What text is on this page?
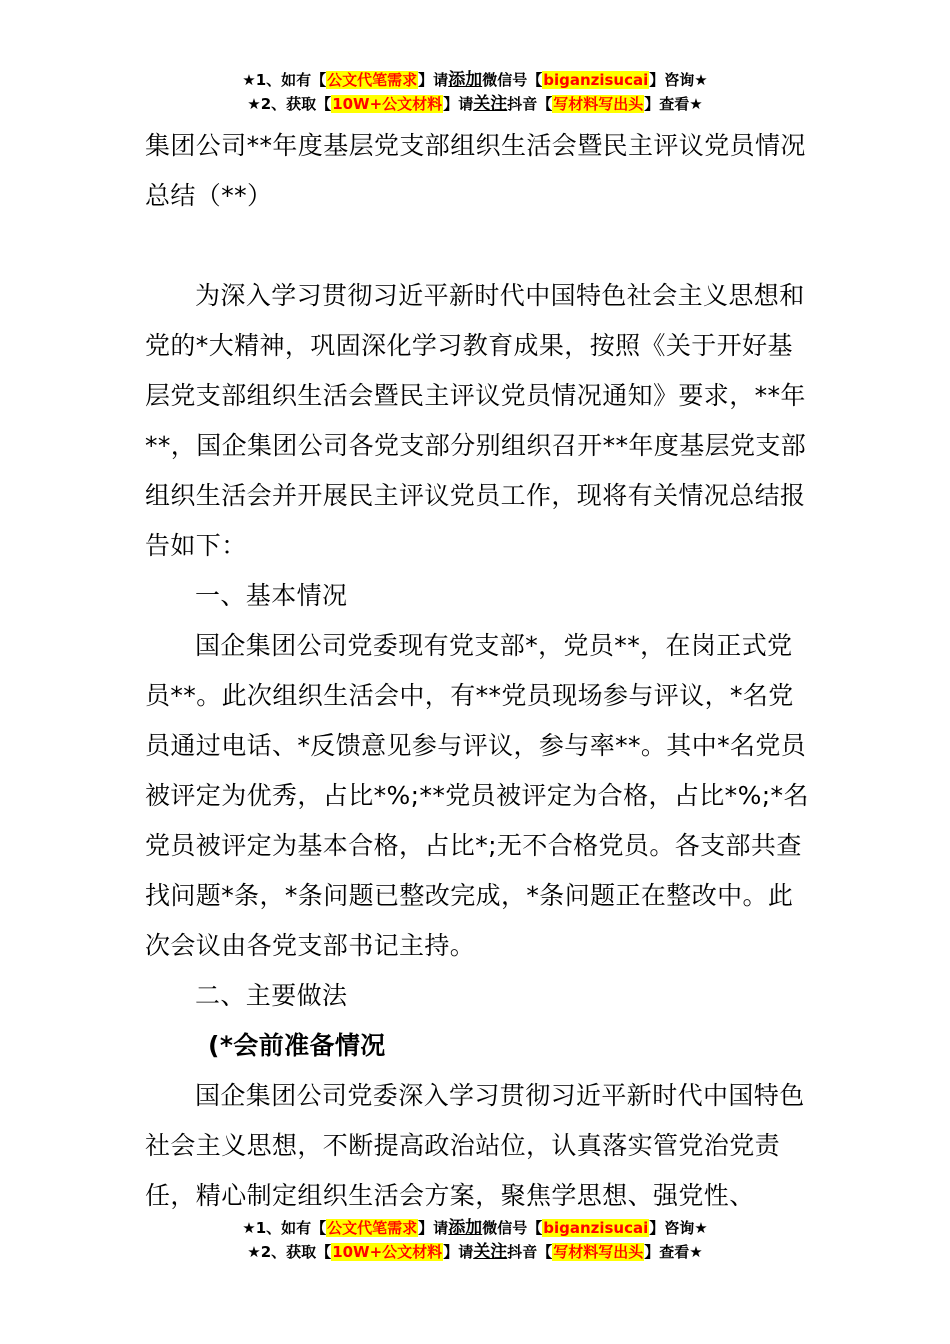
★1、如有【公文代笔需求】请添加微信号【biganzisucai】咨询★
★2、获取【10W+公文材料】请关注抖音【写材料写出头】查看★

集团公司**年度基层党支部组织生活会暨民主评议党员情况总结（**）

为深入学习贯彻习近平新时代中国特色社会主义思想和党的*大精神，巩固深化学习教育成果，按照《关于开好基层党支部组织生活会暨民主评议党员情况通知》要求，**年**，国企集团公司各党支部分别组织召开**年度基层党支部组织生活会并开展民主评议党员工作，现将有关情况总结报告如下：

一、基本情况

国企集团公司党委现有党支部*，党员**，在岗正式党员**。此次组织生活会中，有**党员现场参与评议，*名党员通过电话、*反馈意见参与评议，参与率**。其中*名党员被评定为优秀，占比*%;**党员被评定为合格，占比*%;*名党员被评定为基本合格，占比*;无不合格党员。各支部共查找问题*条，*条问题已整改完成，*条问题正在整改中。此次会议由各党支部书记主持。

二、主要做法

(*会前准备情况

国企集团公司党委深入学习贯彻习近平新时代中国特色社会主义思想，不断提高政治站位，认真落实管党治党责任，精心制定组织生活会方案，聚焦学思想、强党性、

★1、如有【公文代笔需求】请添加微信号【biganzisucai】咨询★
★2、获取【10W+公文材料】请关注抖音【写材料写出头】查看★
